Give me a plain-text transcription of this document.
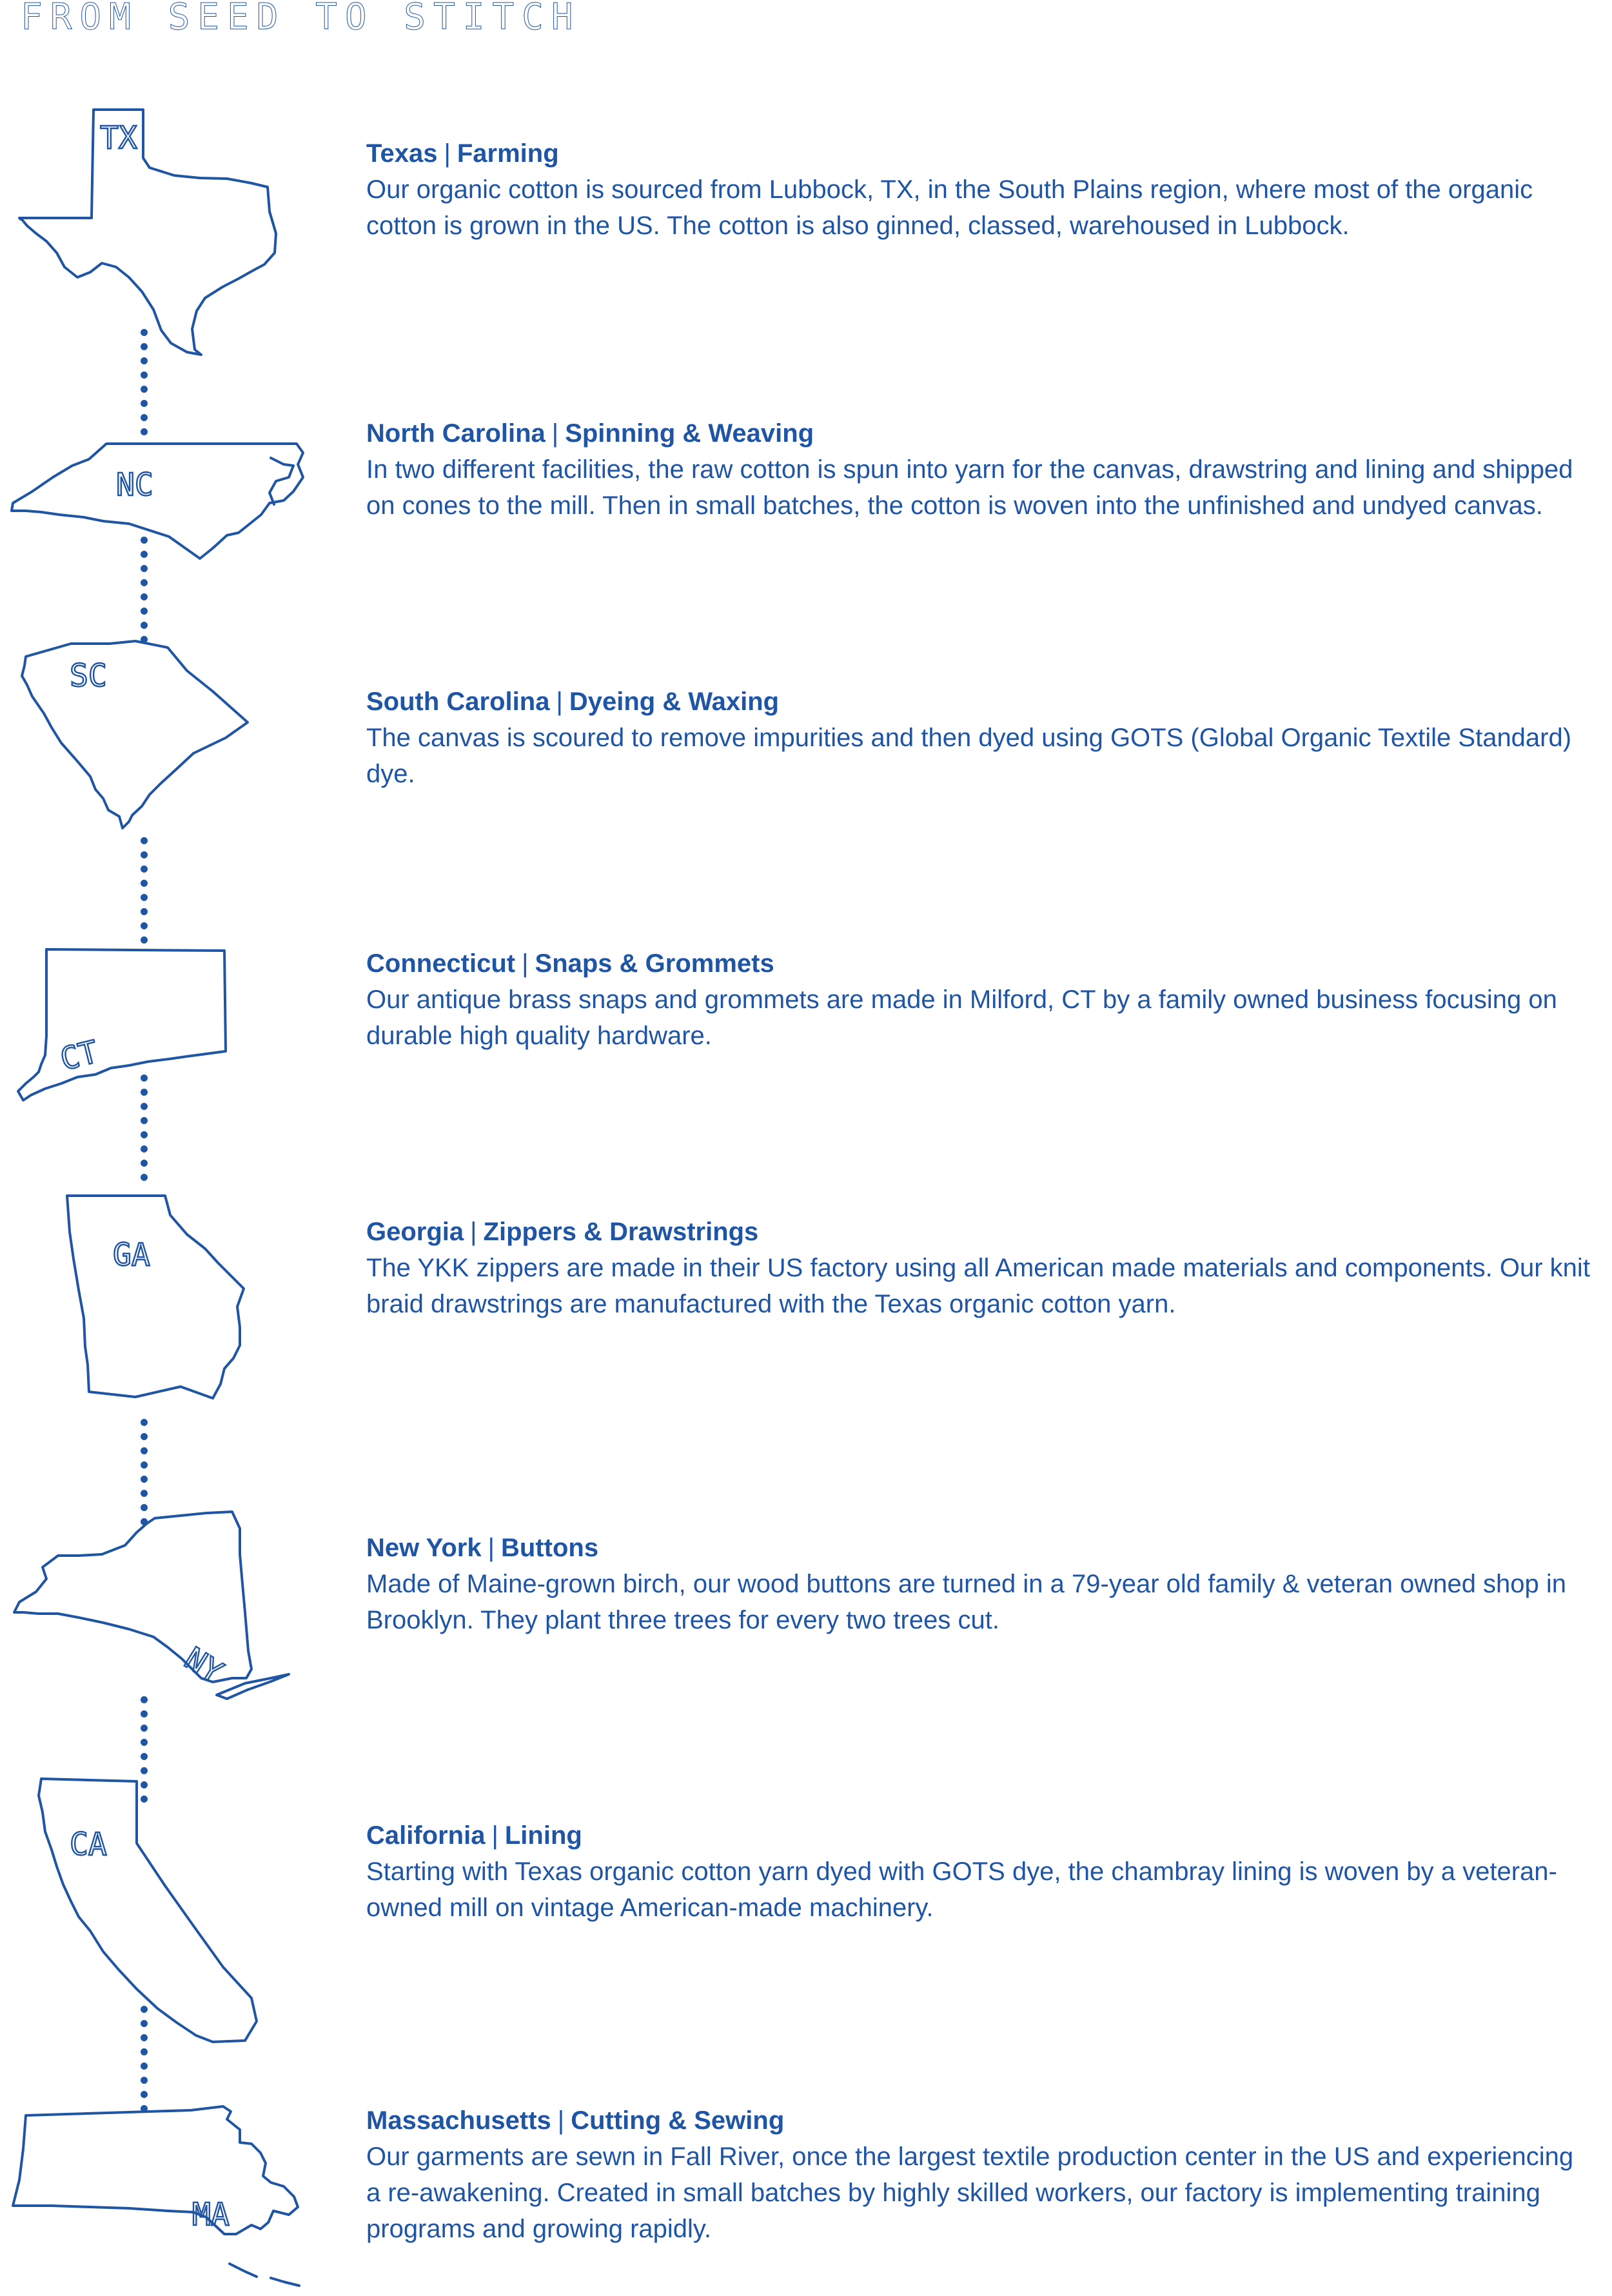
FROM SEED TO STITCH
TX	Texas | Farming

Our organic cotton is sourced from Lubbock, TX, in the South Plains region, where most of the organic cotton is grown in the US. The cotton is also ginned, classed, warehoused in Lubbock.

NC

North Carolina | Spinning & Weaving

In two different facilities, the raw cotton is spun into yarn for the canvas, drawstring and lining and shipped on cones to the mill. Then in small batches, the cotton is woven into the unfinished and undyed canvas.

SC

South Carolina | Dyeing & Waxing

The canvas is scoured to remove impurities and then dyed using GOTS (Global Organic Textile Standard) dye.

CT

Connecticut | Snaps & Grommets

Our antique brass snaps and grommets are made in Milford, CT by a family owned business focusing on durable high quality hardware.

GA

Georgia | Zippers & Drawstrings

The YKK zippers are made in their US factory using all American made materials and components. Our knit braid drawstrings are manufactured with the Texas organic cotton yarn.

NY

New York | Buttons

Made of Maine-grown birch, our wood buttons are turned in a 79-year old family & veteran owned shop in Brooklyn. They plant three trees for every two trees cut.

CA	California | Lining

Starting with Texas organic cotton yarn dyed with GOTS dye, the chambray lining is woven by a veteran-owned mill on vintage American-made machinery.

MA

Massachusetts | Cutting & Sewing

Our garments are sewn in Fall River, once the largest textile production center in the US and experiencing a re-awakening. Created in small batches by highly skilled workers, our factory is implementing training programs and growing rapidly.
